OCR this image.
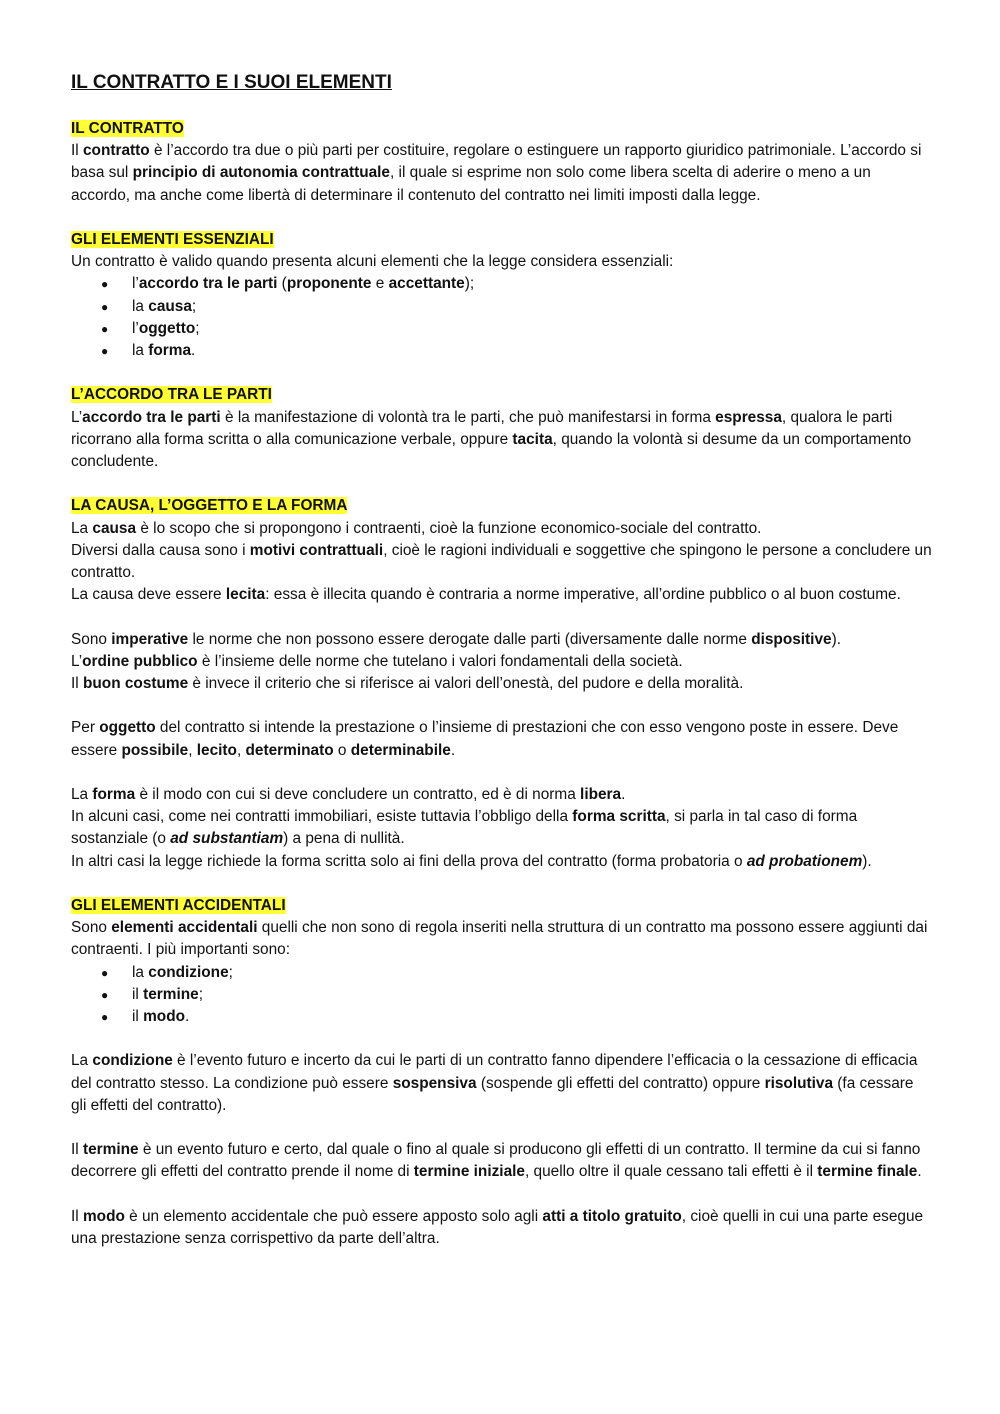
IL CONTRATTO E I SUOI ELEMENTI
IL CONTRATTO

Il contratto è l’accordo tra due o più parti per costituire, regolare o estinguere un rapporto giuridico patrimoniale. L’accordo si basa sul principio di autonomia contrattuale, il quale si esprime non solo come libera scelta di aderire o meno a un accordo, ma anche come libertà di determinare il contenuto del contratto nei limiti imposti dalla legge.

GLI ELEMENTI ESSENZIALI

Un contratto è valido quando presenta alcuni elementi che la legge considera essenziali:

● l’accordo tra le parti (proponente e accettante);
● la causa;
● l’oggetto;
● la forma.
L’ACCORDO TRA LE PARTI

L’accordo tra le parti è la manifestazione di volontà tra le parti, che può manifestarsi in forma espressa, qualora le parti ricorrano alla forma scritta o alla comunicazione verbale, oppure tacita, quando la volontà si desume da un comportamento concludente.

LA CAUSA, L’OGGETTO E LA FORMA

La causa è lo scopo che si propongono i contraenti, cioè la funzione economico-sociale del contratto.

Diversi dalla causa sono i motivi contrattuali, cioè le ragioni individuali e soggettive che spingono le persone a concludere un contratto.

La causa deve essere lecita: essa è illecita quando è contraria a norme imperative, all’ordine pubblico o al buon costume.

Sono imperative le norme che non possono essere derogate dalle parti (diversamente dalle norme dispositive).

L’ordine pubblico è l’insieme delle norme che tutelano i valori fondamentali della società.

Il buon costume è invece il criterio che si riferisce ai valori dell’onestà, del pudore e della moralità.

Per oggetto del contratto si intende la prestazione o l’insieme di prestazioni che con esso vengono poste in essere. Deve essere possibile, lecito, determinato o determinabile.

La forma è il modo con cui si deve concludere un contratto, ed è di norma libera.

In alcuni casi, come nei contratti immobiliari, esiste tuttavia l’obbligo della forma scritta, si parla in tal caso di forma sostanziale (o ad substantiam) a pena di nullità.

In altri casi la legge richiede la forma scritta solo ai fini della prova del contratto (forma probatoria o ad probationem).

GLI ELEMENTI ACCIDENTALI

Sono elementi accidentali quelli che non sono di regola inseriti nella struttura di un contratto ma possono essere aggiunti dai contraenti. I più importanti sono:

● la condizione;
● il termine;
● il modo.

La condizione è l’evento futuro e incerto da cui le parti di un contratto fanno dipendere l’efficacia o la cessazione di efficacia del contratto stesso. La condizione può essere sospensiva (sospende gli effetti del contratto) oppure risolutiva (fa cessare gli effetti del contratto).

Il termine è un evento futuro e certo, dal quale o fino al quale si producono gli effetti di un contratto. Il termine da cui si fanno decorrere gli effetti del contratto prende il nome di termine iniziale, quello oltre il quale cessano tali effetti è il termine finale.

Il modo è un elemento accidentale che può essere apposto solo agli atti a titolo gratuito, cioè quelli in cui una parte esegue una prestazione senza corrispettivo da parte dell’altra.
